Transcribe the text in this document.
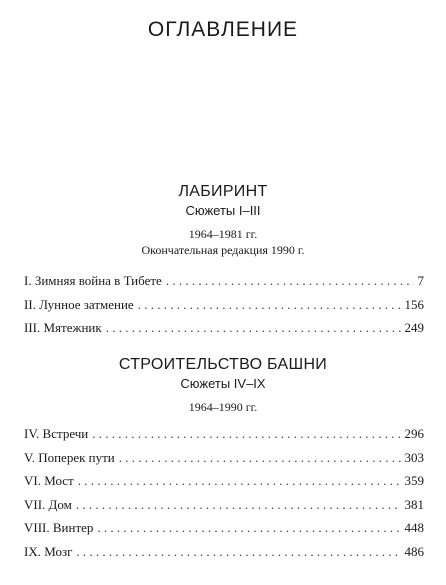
ОГЛАВЛЕНИЕ
ЛАБИРИНТ
Сюжеты I–III
1964–1981 гг.
Окончательная редакция 1990 г.
I. Зимняя война в Тибете . . .	7
II. Лунное затмение . . .	156
III. Мятежник . . .	249
СТРОИТЕЛЬСТВО БАШНИ
Сюжеты IV–IX
1964–1990 гг.
IV. Встречи . . .	296
V. Поперек пути . . .	303
VI. Мост . . .	359
VII. Дом . . .	381
VIII. Винтер . . .	448
IX. Мозг . . .	486
